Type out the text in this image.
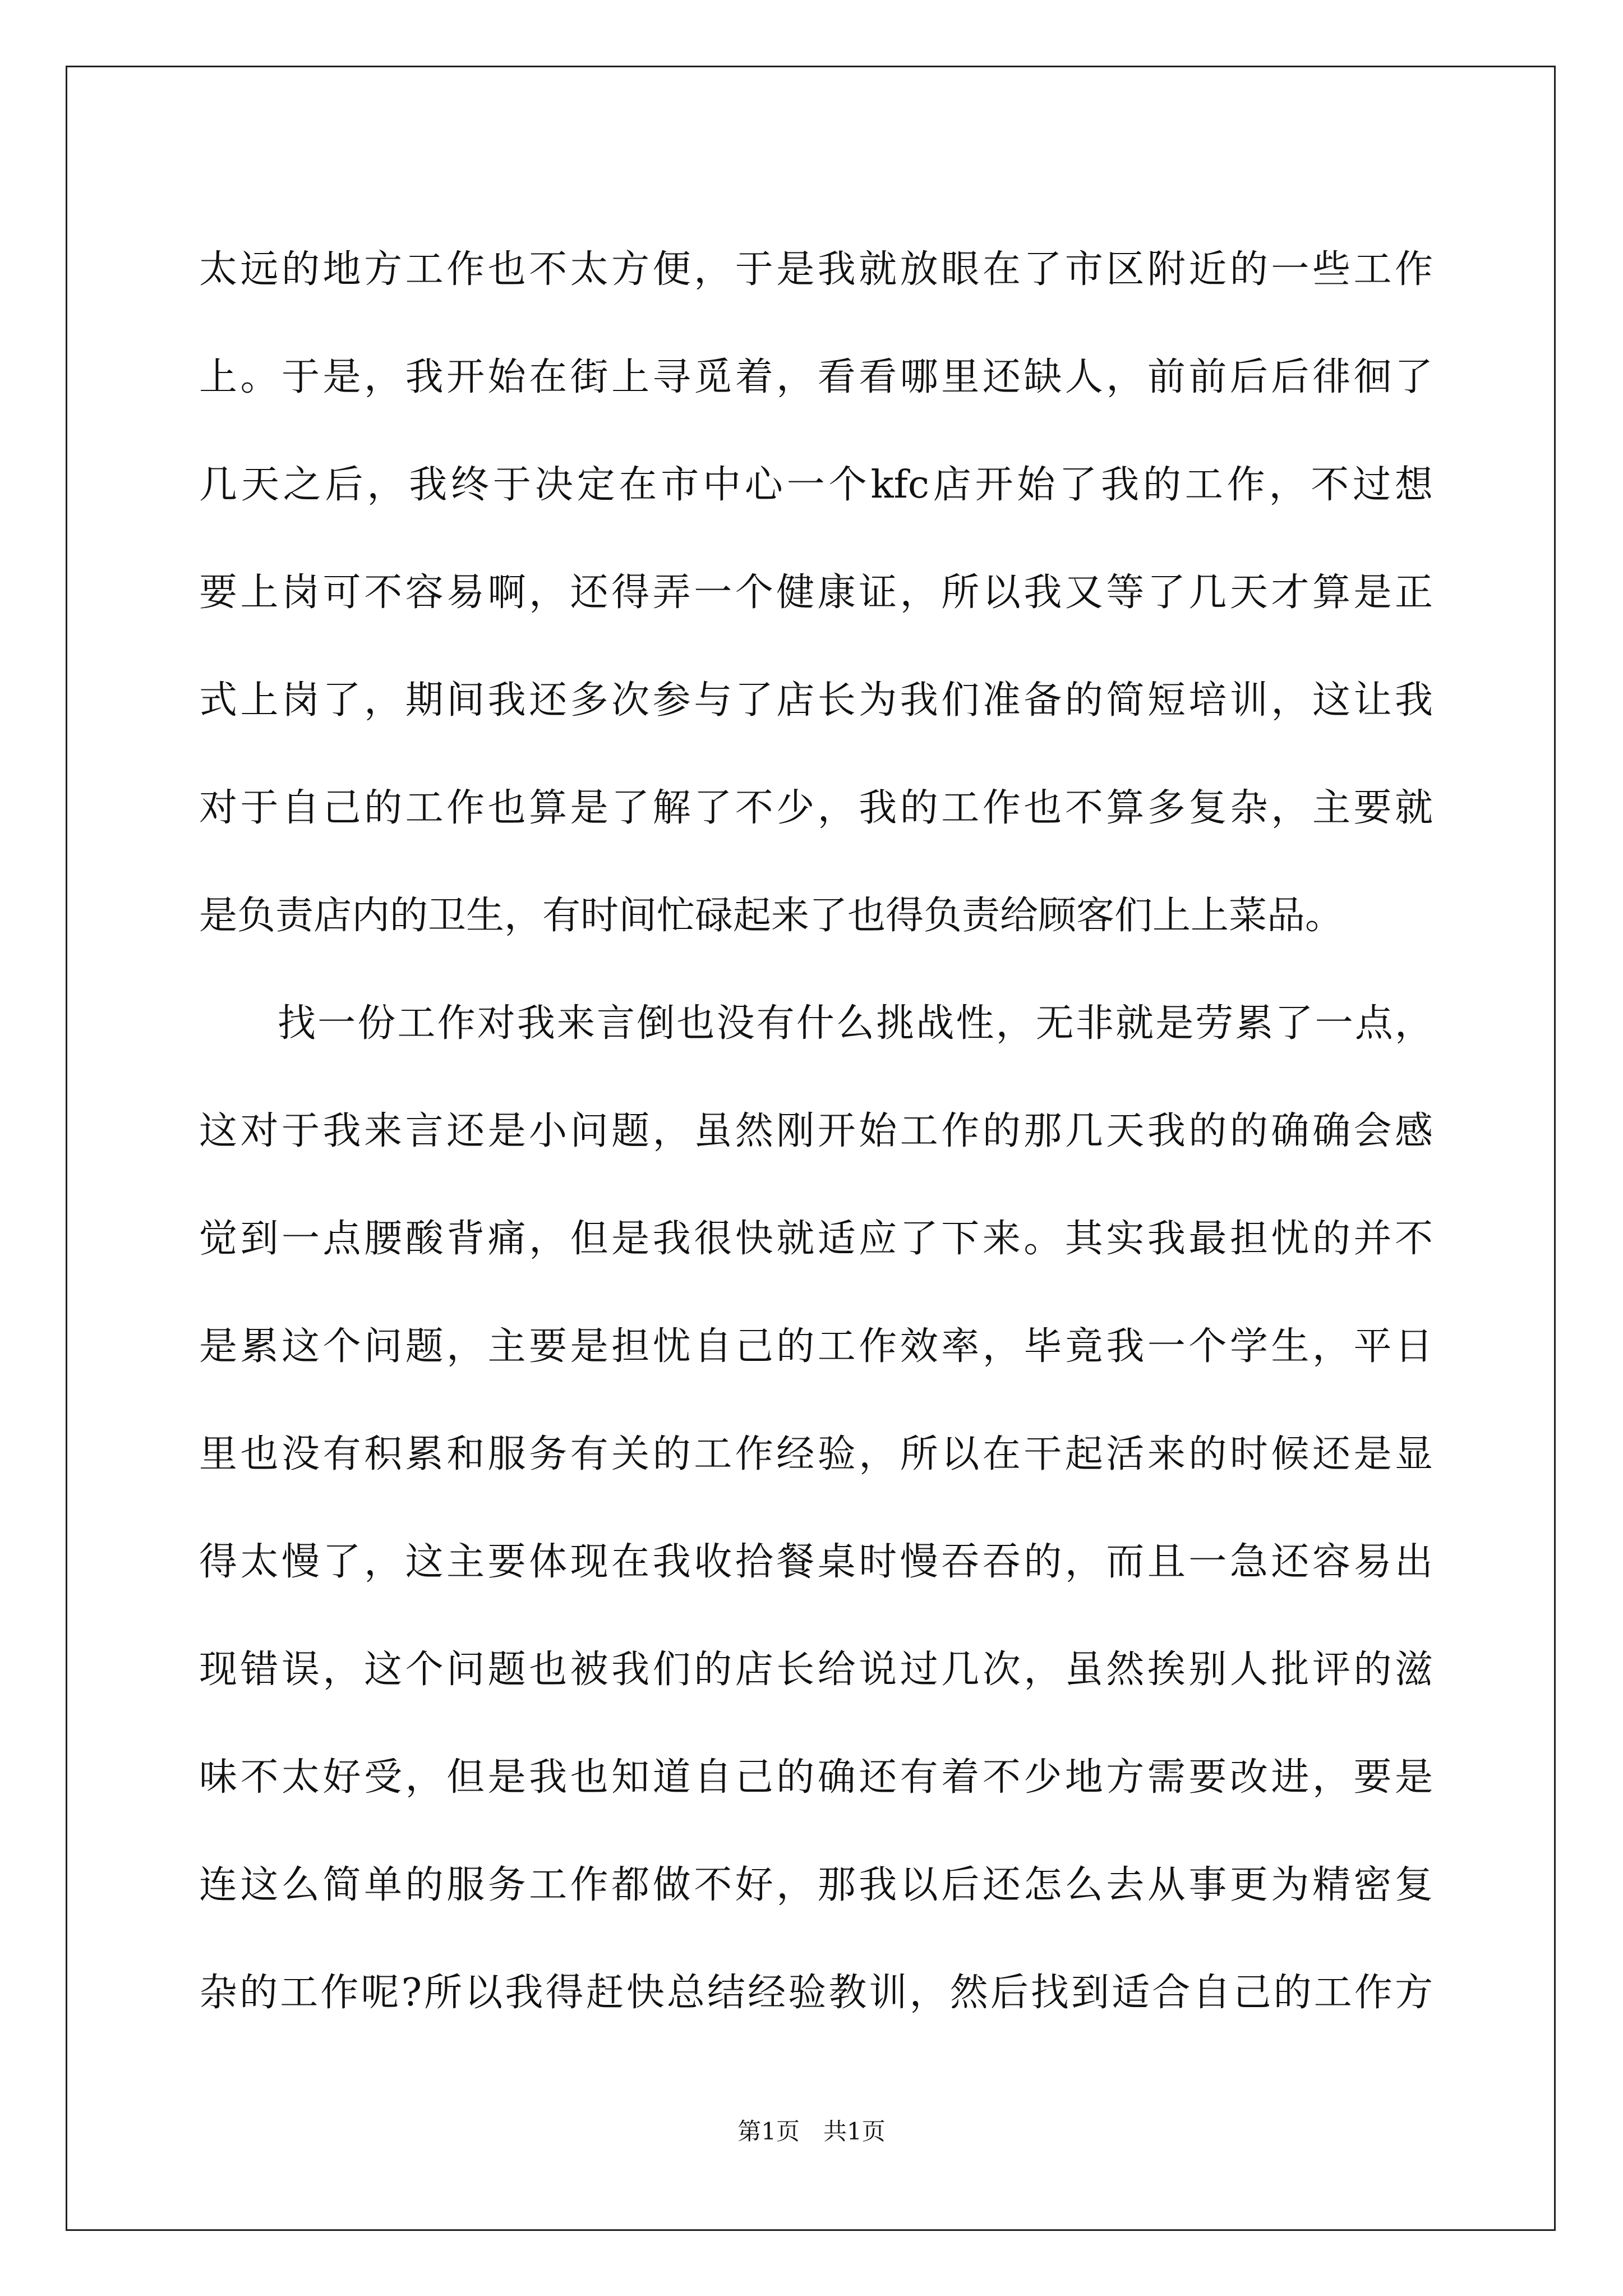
太远的地方工作也不太方便，于是我就放眼在了市区附近的一些工作
上。于是，我开始在街上寻觅着，看看哪里还缺人，前前后后徘徊了
几天之后，我终于决定在市中心一个kfc店开始了我的工作，不过想
要上岗可不容易啊，还得弄一个健康证，所以我又等了几天才算是正
式上岗了，期间我还多次参与了店长为我们准备的简短培训，这让我
对于自己的工作也算是了解了不少，我的工作也不算多复杂，主要就
是负责店内的卫生，有时间忙碌起来了也得负责给顾客们上上菜品。
找一份工作对我来言倒也没有什么挑战性，无非就是劳累了一点，
这对于我来言还是小问题，虽然刚开始工作的那几天我的的确确会感
觉到一点腰酸背痛，但是我很快就适应了下来。其实我最担忧的并不
是累这个问题，主要是担忧自己的工作效率，毕竟我一个学生，平日
里也没有积累和服务有关的工作经验，所以在干起活来的时候还是显
得太慢了，这主要体现在我收拾餐桌时慢吞吞的，而且一急还容易出
现错误，这个问题也被我们的店长给说过几次，虽然挨别人批评的滋
味不太好受，但是我也知道自己的确还有着不少地方需要改进，要是
连这么简单的服务工作都做不好，那我以后还怎么去从事更为精密复
杂的工作呢?所以我得赶快总结经验教训，然后找到适合自己的工作方
第1页　共1页
